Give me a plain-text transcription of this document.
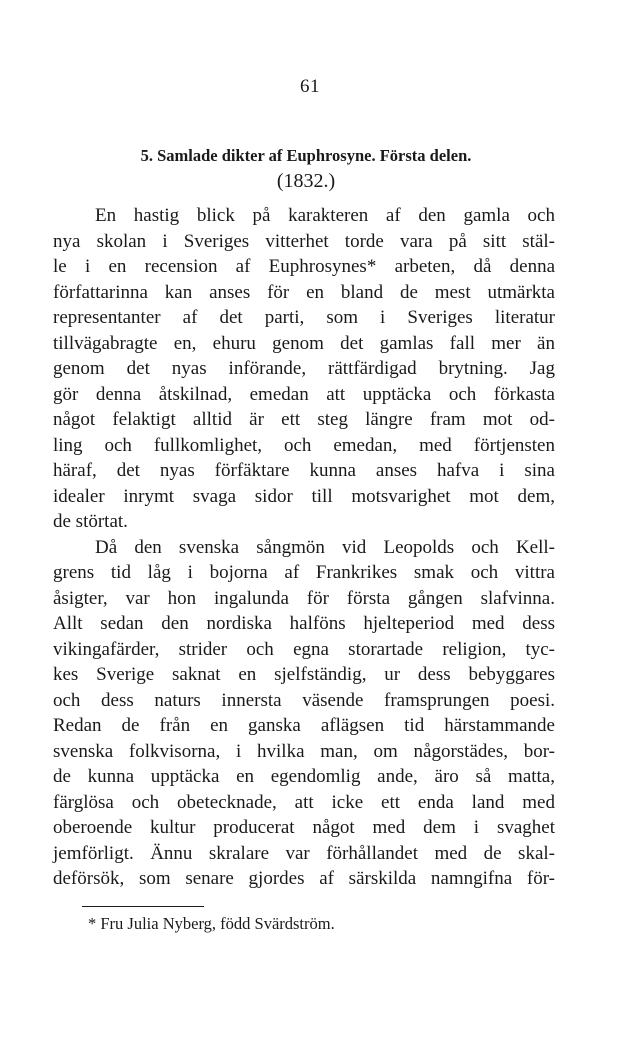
61
5. Samlade dikter af Euphrosyne. Första delen.
(1832.)
En hastig blick på karakteren af den gamla och
nya skolan i Sveriges vitterhet torde vara på sitt stäl-
le i en recension af Euphrosynes* arbeten, då denna
författarinna kan anses för en bland de mest utmärkta
representanter af det parti, som i Sveriges literatur
tillvägabragte en, ehuru genom det gamlas fall mer än
genom det nyas införande, rättfärdigad brytning. Jag
gör denna åtskilnad, emedan att upptäcka och förkasta
något felaktigt alltid är ett steg längre fram mot od-
ling och fullkomlighet, och emedan, med förtjensten
häraf, det nyas förfäktare kunna anses hafva i sina
idealer inrymt svaga sidor till motsvarighet mot dem,
de störtat.
Då den svenska sångmön vid Leopolds och Kell-
grens tid låg i bojorna af Frankrikes smak och vittra
åsigter, var hon ingalunda för första gången slafvinna.
Allt sedan den nordiska halföns hjelteperiod med dess
vikingafärder, strider och egna storartade religion, tyc-
kes Sverige saknat en sjelfständig, ur dess bebyggares
och dess naturs innersta väsende framsprungen poesi.
Redan de från en ganska aflägsen tid härstammande
svenska folkvisorna, i hvilka man, om någorstädes, bor-
de kunna upptäcka en egendomlig ande, äro så matta,
färglösa och obetecknade, att icke ett enda land med
oberoende kultur producerat något med dem i svaghet
jemförligt. Ännu skralare var förhållandet med de skal-
deförsök, som senare gjordes af särskilda namngifna för-
* Fru Julia Nyberg, född Svärdström.
